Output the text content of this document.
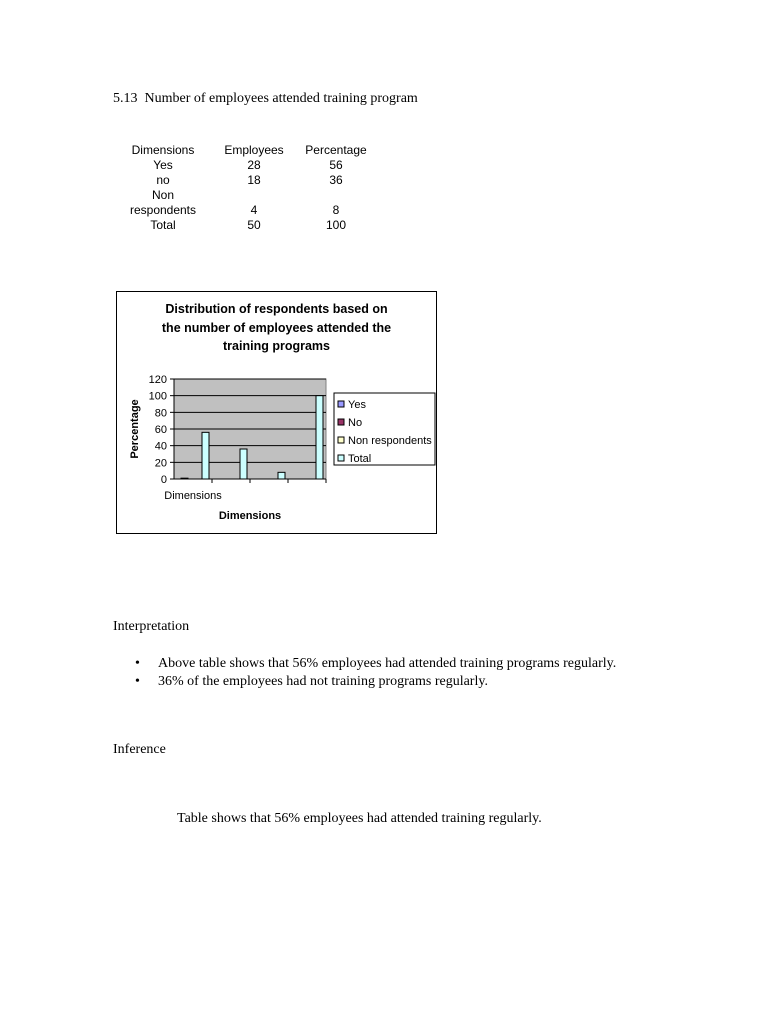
5.13  Number of employees attended training program
Dimensions	Employees	Percentage
Yes	28	56
no	18	36

Non
respondents	4	8
Total	50	100
Distribution of respondents based on
the number of employees attended the
training programs
0
20
40
60
80
100
120
Dimensions
Dimensions
Percentage	Yes
No
Non respondents
Total
Interpretation
• Above table shows that 56% employees had attended training programs regularly.
• 36% of the employees had not training programs regularly.
Inference
Table shows that 56% employees had attended training regularly.
